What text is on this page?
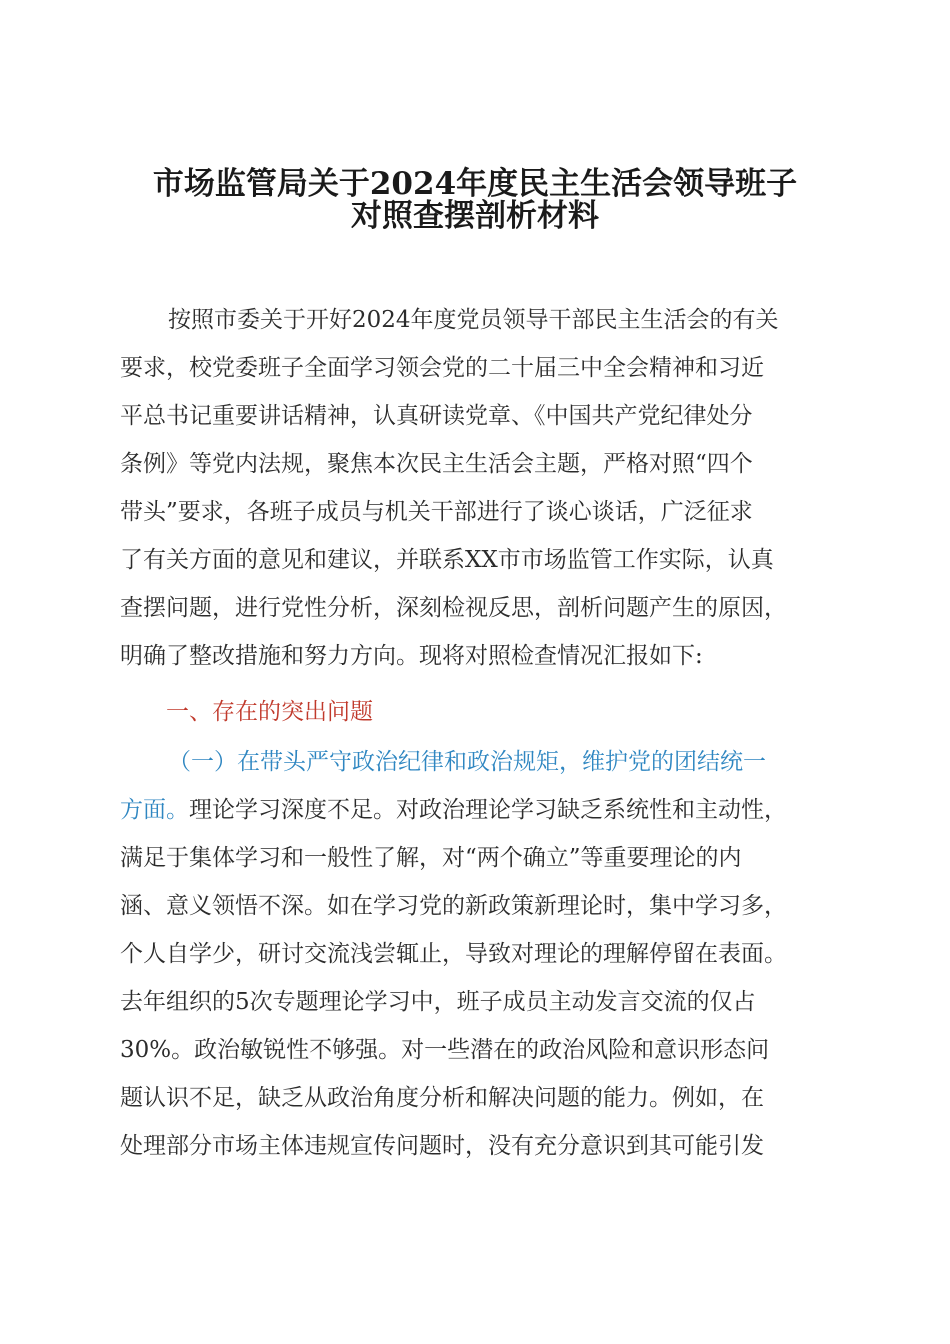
市场监管局关于2024年度民主生活会领导班子
对照查摆剖析材料
按照市委关于开好2024年度党员领导干部民主生活会的有关
要求，校党委班子全面学习领会党的二十届三中全会精神和习近
平总书记重要讲话精神，认真研读党章、《中国共产党纪律处分
条例》等党内法规，聚焦本次民主生活会主题，严格对照“四个
带头”要求，各班子成员与机关干部进行了谈心谈话，广泛征求
了有关方面的意见和建议，并联系XX市市场监管工作实际，认真
查摆问题，进行党性分析，深刻检视反思，剖析问题产生的原因，
明确了整改措施和努力方向。现将对照检查情况汇报如下:
一、存在的突出问题
（一）在带头严守政治纪律和政治规矩，维护党的团结统一
方面。理论学习深度不足。对政治理论学习缺乏系统性和主动性，
满足于集体学习和一般性了解，对“两个确立”等重要理论的内
涵、意义领悟不深。如在学习党的新政策新理论时，集中学习多，
个人自学少，研讨交流浅尝辄止，导致对理论的理解停留在表面。
去年组织的5次专题理论学习中，班子成员主动发言交流的仅占
30%。政治敏锐性不够强。对一些潜在的政治风险和意识形态问
题认识不足，缺乏从政治角度分析和解决问题的能力。例如，在
处理部分市场主体违规宣传问题时，没有充分意识到其可能引发
